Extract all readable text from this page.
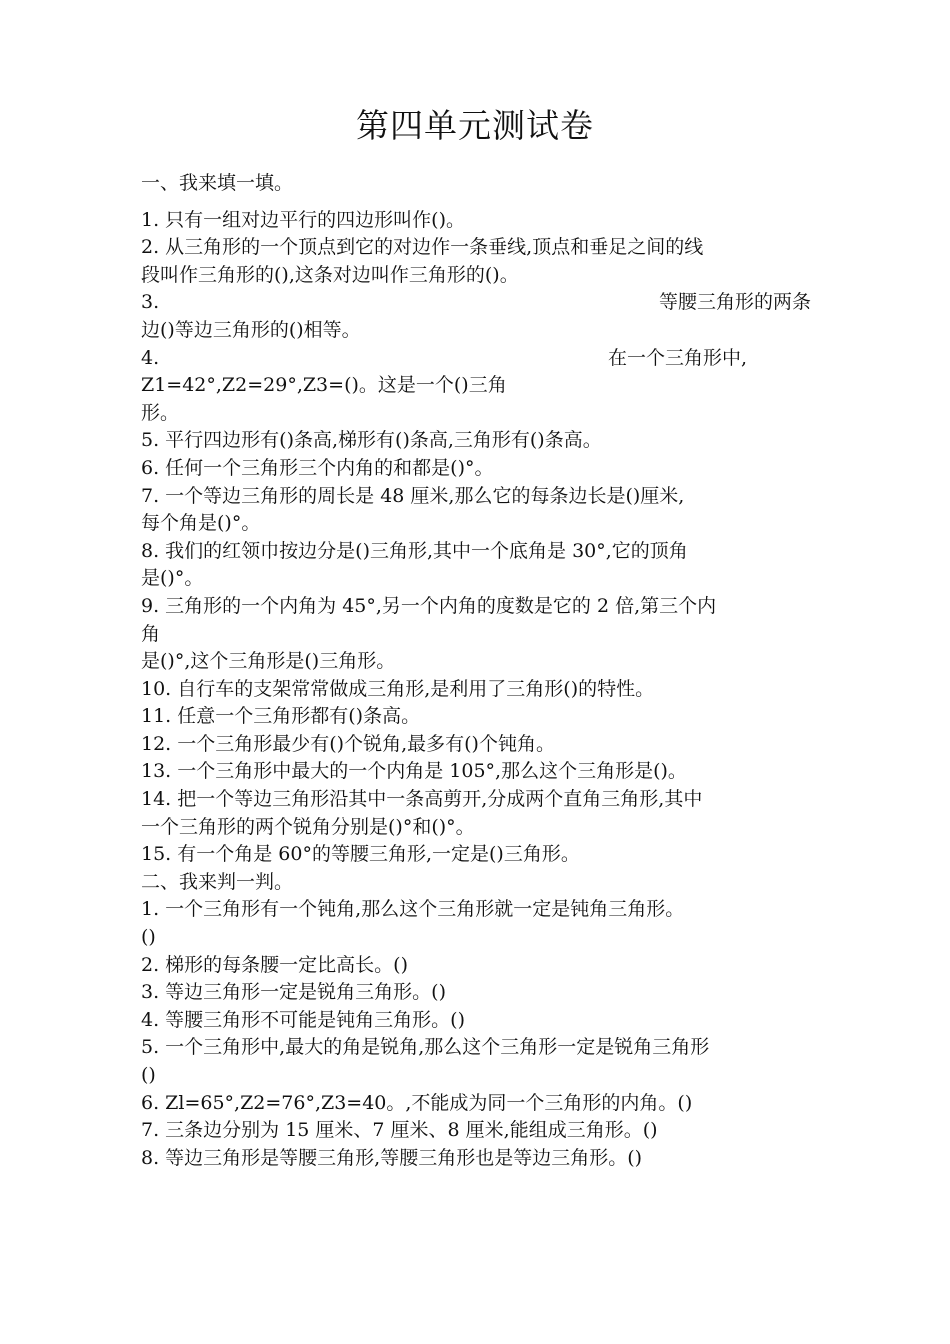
第四单元测试卷
一、我来填一填。
1. 只有一组对边平行的四边形叫作()。
2. 从三角形的一个顶点到它的对边作一条垂线,顶点和垂足之间的线
段叫作三角形的(),这条对边叫作三角形的()。
3.	等腰三角形的两条
边()等边三角形的()相等。
4.	在一个三角形中,
Z1=42°,Z2=29°,Z3=()。这是一个()三角
形。
5. 平行四边形有()条高,梯形有()条高,三角形有()条高。
6. 任何一个三角形三个内角的和都是()°。
7. 一个等边三角形的周长是 48 厘米,那么它的每条边长是()厘米,
每个角是()°。
8. 我们的红领巾按边分是()三角形,其中一个底角是 30°,它的顶角
是()°。
9. 三角形的一个内角为 45°,另一个内角的度数是它的 2 倍,第三个内
角
是()°,这个三角形是()三角形。
10. 自行车的支架常常做成三角形,是利用了三角形()的特性。
11. 任意一个三角形都有()条高。
12. 一个三角形最少有()个锐角,最多有()个钝角。
13. 一个三角形中最大的一个内角是 105°,那么这个三角形是()。
14. 把一个等边三角形沿其中一条高剪开,分成两个直角三角形,其中
一个三角形的两个锐角分别是()°和()°。
15. 有一个角是 60°的等腰三角形,一定是()三角形。
二、我来判一判。
1. 一个三角形有一个钝角,那么这个三角形就一定是钝角三角形。
()
2. 梯形的每条腰一定比高长。()
3. 等边三角形一定是锐角三角形。()
4. 等腰三角形不可能是钝角三角形。()
5. 一个三角形中,最大的角是锐角,那么这个三角形一定是锐角三角形
()
6. Zl=65°,Z2=76°,Z3=40。,不能成为同一个三角形的内角。()
7. 三条边分别为 15 厘米、7 厘米、8 厘米,能组成三角形。()
8. 等边三角形是等腰三角形,等腰三角形也是等边三角形。()
